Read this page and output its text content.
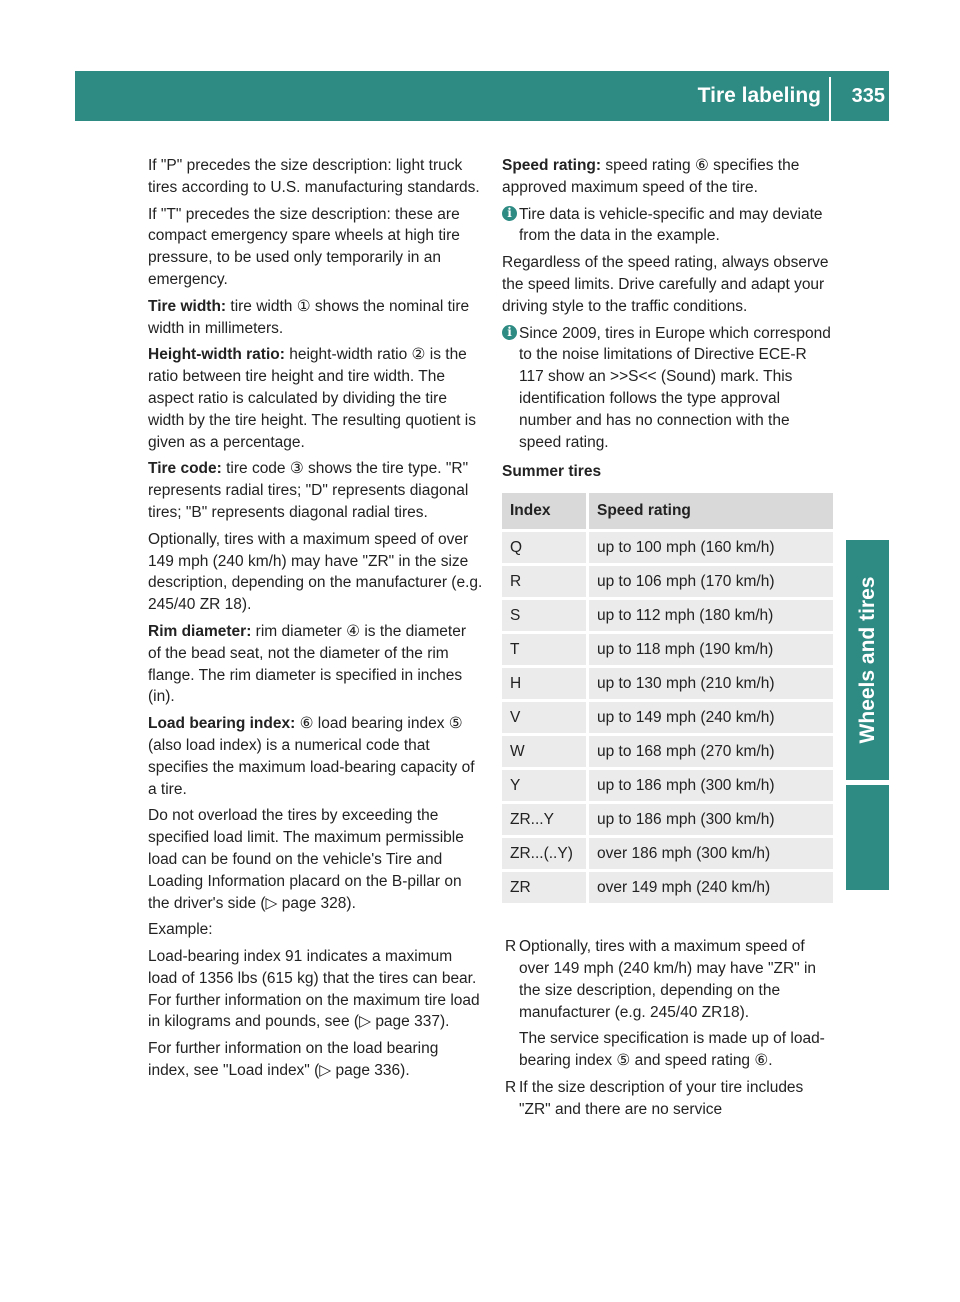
Tire labeling 335
Wheels and tires

If "P" precedes the size description: light truck tires according to U.S. manufacturing standards.

If "T" precedes the size description: these are compact emergency spare wheels at high tire pressure, to be used only temporarily in an emergency.

Tire width: tire width ① shows the nominal tire width in millimeters.

Height-width ratio: height-width ratio ② is the ratio between tire height and tire width. The aspect ratio is calculated by dividing the tire width by the tire height. The resulting quotient is given as a percentage.

Tire code: tire code ③ shows the tire type. "R" represents radial tires; "D" represents diagonal tires; "B" represents diagonal radial tires.

Optionally, tires with a maximum speed of over 149 mph (240 km/h) may have "ZR" in the size description, depending on the manufacturer (e.g. 245/40 ZR 18).

Rim diameter: rim diameter ④ is the diameter of the bead seat, not the diameter of the rim flange. The rim diameter is specified in inches (in).

Load bearing index: ⑥ load bearing index ⑤ (also load index) is a numerical code that specifies the maximum load-bearing capacity of a tire.

Do not overload the tires by exceeding the specified load limit. The maximum permissible load can be found on the vehicle's Tire and Loading Information placard on the B-pillar on the driver's side (▷ page 328).

Example:

Load-bearing index 91 indicates a maximum load of 1356 lbs (615 kg) that the tires can bear. For further information on the maximum tire load in kilograms and pounds, see (▷ page 337).

For further information on the load bearing index, see "Load index" (▷ page 336).

Speed rating: speed rating ⑥ specifies the approved maximum speed of the tire.

i Tire data is vehicle-specific and may deviate from the data in the example.

Regardless of the speed rating, always observe the speed limits. Drive carefully and adapt your driving style to the traffic conditions.

i Since 2009, tires in Europe which correspond to the noise limitations of Directive ECE-R 117 show an >>S<< (Sound) mark. This identification follows the type approval number and has no connection with the speed rating.

Summer tires

Index	Speed rating
Q	up to 100 mph (160 km/h)
R	up to 106 mph (170 km/h)
S	up to 112 mph (180 km/h)
T	up to 118 mph (190 km/h)
H	up to 130 mph (210 km/h)
V	up to 149 mph (240 km/h)
W	up to 168 mph (270 km/h)
Y	up to 186 mph (300 km/h)
ZR...Y	up to 186 mph (300 km/h)
ZR...(..Y)	over 186 mph (300 km/h)
ZR	over 149 mph (240 km/h)
R Optionally, tires with a maximum speed of over 149 mph (240 km/h) may have "ZR" in the size description, depending on the manufacturer (e.g. 245/40 ZR18).

The service specification is made up of load-bearing index ⑤ and speed rating ⑥.

R If the size description of your tire includes "ZR" and there are no service
